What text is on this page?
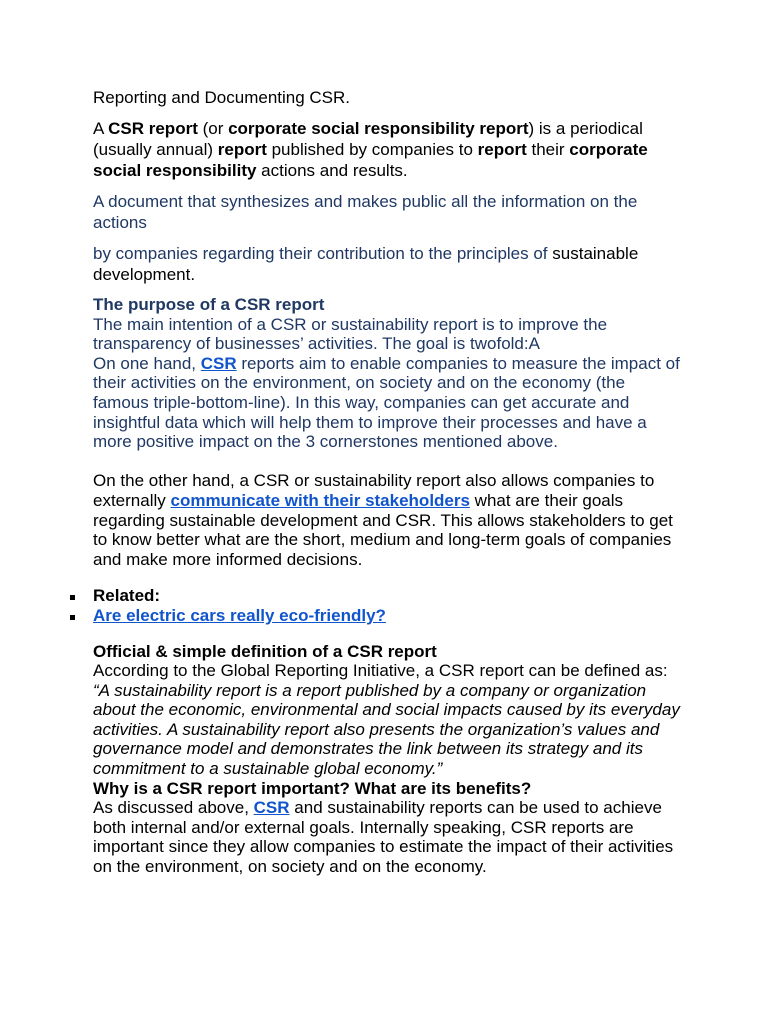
Reporting and Documenting CSR.

A CSR report (or corporate social responsibility report) is a periodical (usually annual) report published by companies to report their corporate social responsibility actions and results.

A document that synthesizes and makes public all the information on the actions

by companies regarding their contribution to the principles of sustainable development.

The purpose of a CSR report

The main intention of a CSR or sustainability report is to improve the transparency of businesses’ activities. The goal is twofold:A

On one hand, CSR reports aim to enable companies to measure the impact of their activities on the environment, on society and on the economy (the famous triple-bottom-line). In this way, companies can get accurate and insightful data which will help them to improve their processes and have a more positive impact on the 3 cornerstones mentioned above.

On the other hand, a CSR or sustainability report also allows companies to externally communicate with their stakeholders what are their goals regarding sustainable development and CSR. This allows stakeholders to get to know better what are the short, medium and long-term goals of companies and make more informed decisions.

Related:
Are electric cars really eco-friendly?

Official & simple definition of a CSR report

According to the Global Reporting Initiative, a CSR report can be defined as:

“A sustainability report is a report published by a company or organization about the economic, environmental and social impacts caused by its everyday activities. A sustainability report also presents the organization’s values and governance model and demonstrates the link between its strategy and its commitment to a sustainable global economy.”

Why is a CSR report important? What are its benefits?

As discussed above, CSR and sustainability reports can be used to achieve both internal and/or external goals. Internally speaking, CSR reports are important since they allow companies to estimate the impact of their activities on the environment, on society and on the economy.
